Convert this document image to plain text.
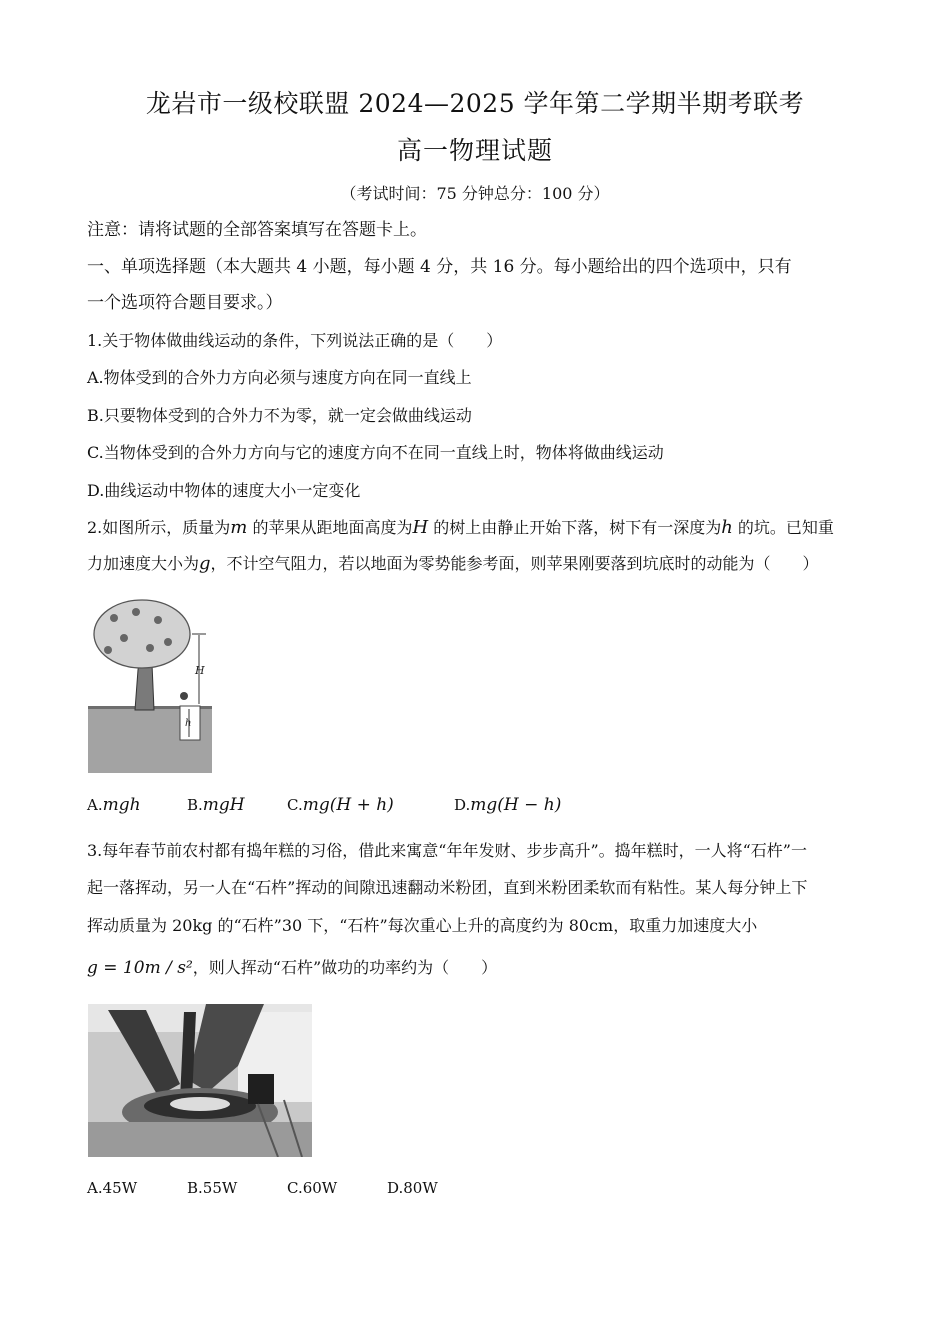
龙岩市一级校联盟 2024—2025 学年第二学期半期考联考
高一物理试题
（考试时间：75 分钟总分：100 分）
注意：请将试题的全部答案填写在答题卡上。
一、单项选择题（本大题共 4 小题，每小题 4 分，共 16 分。每小题给出的四个选项中，只有
一个选项符合题目要求。）
1.关于物体做曲线运动的条件，下列说法正确的是（　　）
A.物体受到的合外力方向必须与速度方向在同一直线上
B.只要物体受到的合外力不为零，就一定会做曲线运动
C.当物体受到的合外力方向与它的速度方向不在同一直线上时，物体将做曲线运动
D.曲线运动中物体的速度大小一定变化
2.如图所示，质量为m 的苹果从距地面高度为H 的树上由静止开始下落，树下有一深度为h 的坑。已知重
力加速度大小为g，不计空气阻力，若以地面为零势能参考面，则苹果刚要落到坑底时的动能为（　　）
H
h
A.mgh	B.mgH	C.mg(H + h)	D.mg(H − h)
3.每年春节前农村都有捣年糕的习俗，借此来寓意“年年发财、步步高升”。捣年糕时，一人将“石杵”一
起一落挥动，另一人在“石杵”挥动的间隙迅速翻动米粉团，直到米粉团柔软而有粘性。某人每分钟上下
挥动质量为 20kg 的“石杵”30 下，“石杵”每次重心上升的高度约为 80cm，取重力加速度大小
g = 10m / s²，则人挥动“石杵”做功的功率约为（　　）
A.45W	B.55W	C.60W	D.80W
